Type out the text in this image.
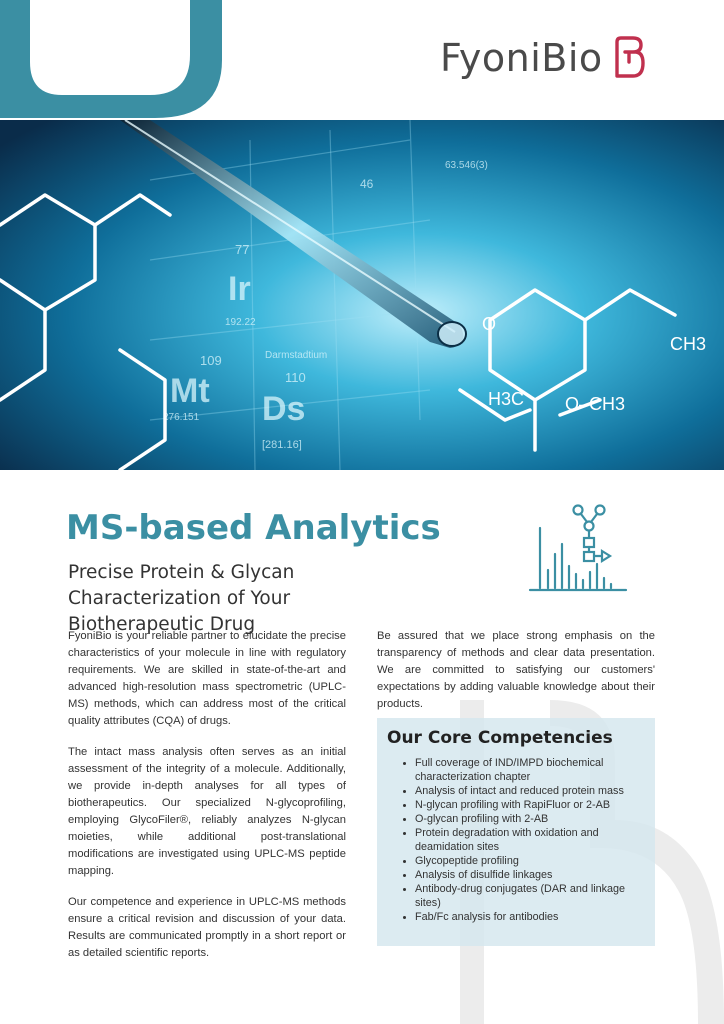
FyoniBio
77
Ir
109
Mt
Darmstadtium
110
Ds
[281.16]
46
63.546(3)
192.22
276.151
H3C O–CH3
CH3
O
MS-based Analytics

Precise Protein & Glycan Characterization of Your Biotherapeutic Drug

FyoniBio is your reliable partner to elucidate the precise characteristics of your molecule in line with regulatory requirements. We are skilled in state-of-the-art and advanced high-resolution mass spectrometric (UPLC-MS) methods, which can address most of the critical quality attributes (CQA) of drugs.

The intact mass analysis often serves as an initial assessment of the integrity of a molecule. Additionally, we provide in-depth analyses for all types of biotherapeutics. Our specialized N-glycoprofiling, employing GlycoFiler®, reliably analyzes N-glycan moieties, while additional post-translational modifications are investigated using UPLC-MS peptide mapping.

Our competence and experience in UPLC-MS methods ensure a critical revision and discussion of your data. Results are communicated promptly in a short report or as detailed scientific reports.

Be assured that we place strong emphasis on the transparency of methods and clear data presentation. We are committed to satisfying our customers' expectations by adding valuable knowledge about their products.

Our Core Competencies
• Full coverage of IND/IMPD biochemical characterization chapter
• Analysis of intact and reduced protein mass
• N-glycan profiling with RapiFluor or 2-AB
• O-glycan profiling with 2-AB
• Protein degradation with oxidation and deamidation sites
• Glycopeptide profiling
• Analysis of disulfide linkages
• Antibody-drug conjugates (DAR and linkage sites)
• Fab/Fc analysis for antibodies
